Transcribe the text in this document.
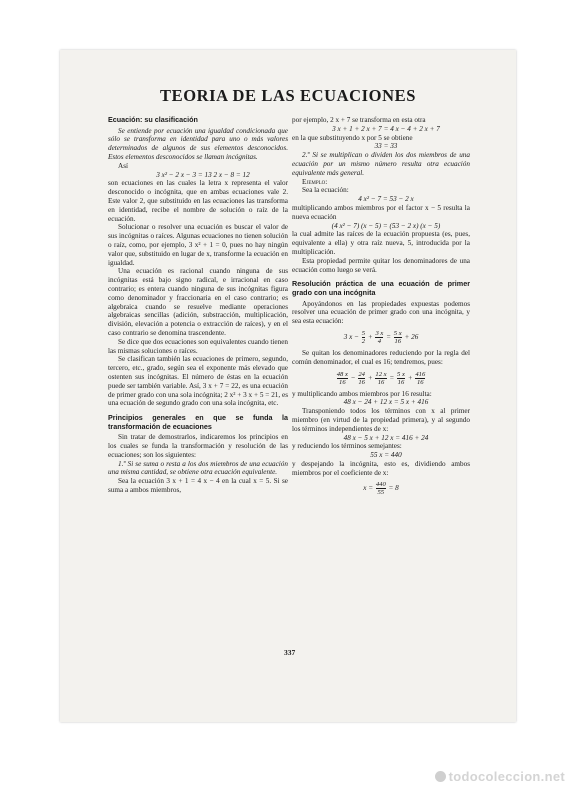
TEORIA DE LAS ECUACIONES
Ecuación: su clasificación

Se entiende por ecuación una igualdad condicionada que sólo se transforma en identidad para uno o más valores determinados de algunos de sus elementos desconocidos. Estos elementos desconocidos se llaman incógnitas.

Así

3 x² − 2 x − 3 = 13 2 x − 8 = 12

son ecuaciones en las cuales la letra x representa el valor desconocido o incógnita, que en ambas ecuaciones vale 2. Este valor 2, que substituido en las ecuaciones las transforma en identidad, recibe el nombre de solución o raíz de la ecuación.

Solucionar o resolver una ecuación es buscar el valor de sus incógnitas o raíces. Algunas ecuaciones no tienen solución o raíz, como, por ejemplo, 3 x² + 1 = 0, pues no hay ningún valor que, substituido en lugar de x, transforme la ecuación en igualdad.

Una ecuación es racional cuando ninguna de sus incógnitas está bajo signo radical, e irracional en caso contrario; es entera cuando ninguna de sus incógnitas figura como denominador y fraccionaria en el caso contrario; es algebraica cuando se resuelve mediante operaciones algebraicas sencillas (adición, substracción, multiplicación, división, elevación a potencia o extracción de raíces), y en el caso contrario se denomina trascendente.

Se dice que dos ecuaciones son equivalentes cuando tienen las mismas soluciones o raíces.

Se clasifican también las ecuaciones de primero, segundo, tercero, etc., grado, según sea el exponente más elevado que ostenten sus incógnitas. El número de éstas en la ecuación puede ser también variable. Así, 3 x + 7 = 22, es una ecuación de primer grado con una sola incógnita; 2 x² + 3 x + 5 = 21, es una ecuación de segundo grado con una sola incógnita, etc.

Principios generales en que se funda la transformación de ecuaciones

Sin tratar de demostrarlos, indicaremos los principios en los cuales se funda la transformación y resolución de las ecuaciones; son los siguientes:

1.º Si se suma o resta a los dos miembros de una ecuación una misma cantidad, se obtiene otra ecuación equivalente.

Sea la ecuación 3 x + 1 = 4 x − 4 en la cual x = 5. Si se suma a ambos miembros,

por ejemplo, 2 x + 7 se transforma en esta otra

3 x + 1 + 2 x + 7 = 4 x − 4 + 2 x + 7

en la que substituyendo x por 5 se obtiene

33 = 33

2.º Si se multiplican o dividen los dos miembros de una ecuación por un mismo número resulta otra ecuación equivalente más general.

Ejemplo:

Sea la ecuación:

4 x² − 7 = 53 − 2 x

multiplicando ambos miembros por el factor x − 5 resulta la nueva ecuación

(4 x² − 7) (x − 5) = (53 − 2 x) (x − 5)

la cual admite las raíces de la ecuación propuesta (es, pues, equivalente a ella) y otra raíz nueva, 5, introducida por la multiplicación.

Esta propiedad permite quitar los denominadores de una ecuación como luego se verá.

Resolución práctica de una ecuación de primer grado con una incógnita

Apoyándonos en las propiedades expuestas podemos resolver una ecuación de primer grado con una incógnita, y sea esta ecuación:

3 $x - \frac{5}{2} + \frac{3 x}{4} = \frac{5 x}{16} + 26$

Se quitan los denominadores reduciendo por la regla del común denominador, el cual es 16; tendremos, pues:

$\frac{48 x}{16} - \frac{24}{16} + \frac{12 x}{16} = \frac{5 x}{16} + \frac{416}{16}$

y multiplicando ambos miembros por 16 resulta:

48 x − 24 + 12 x = 5 x + 416

Transponiendo todos los términos con x al primer miembro (en virtud de la propiedad primera), y al segundo los términos independientes de x:

48 x − 5 x + 12 x = 416 + 24

y reduciendo los términos semejantes:

55 x = 440

y despejando la incógnita, esto es, dividiendo ambos miembros por el coeficiente de x:

$x = \frac{440}{55} = 8$
337
todocoleccion.net
